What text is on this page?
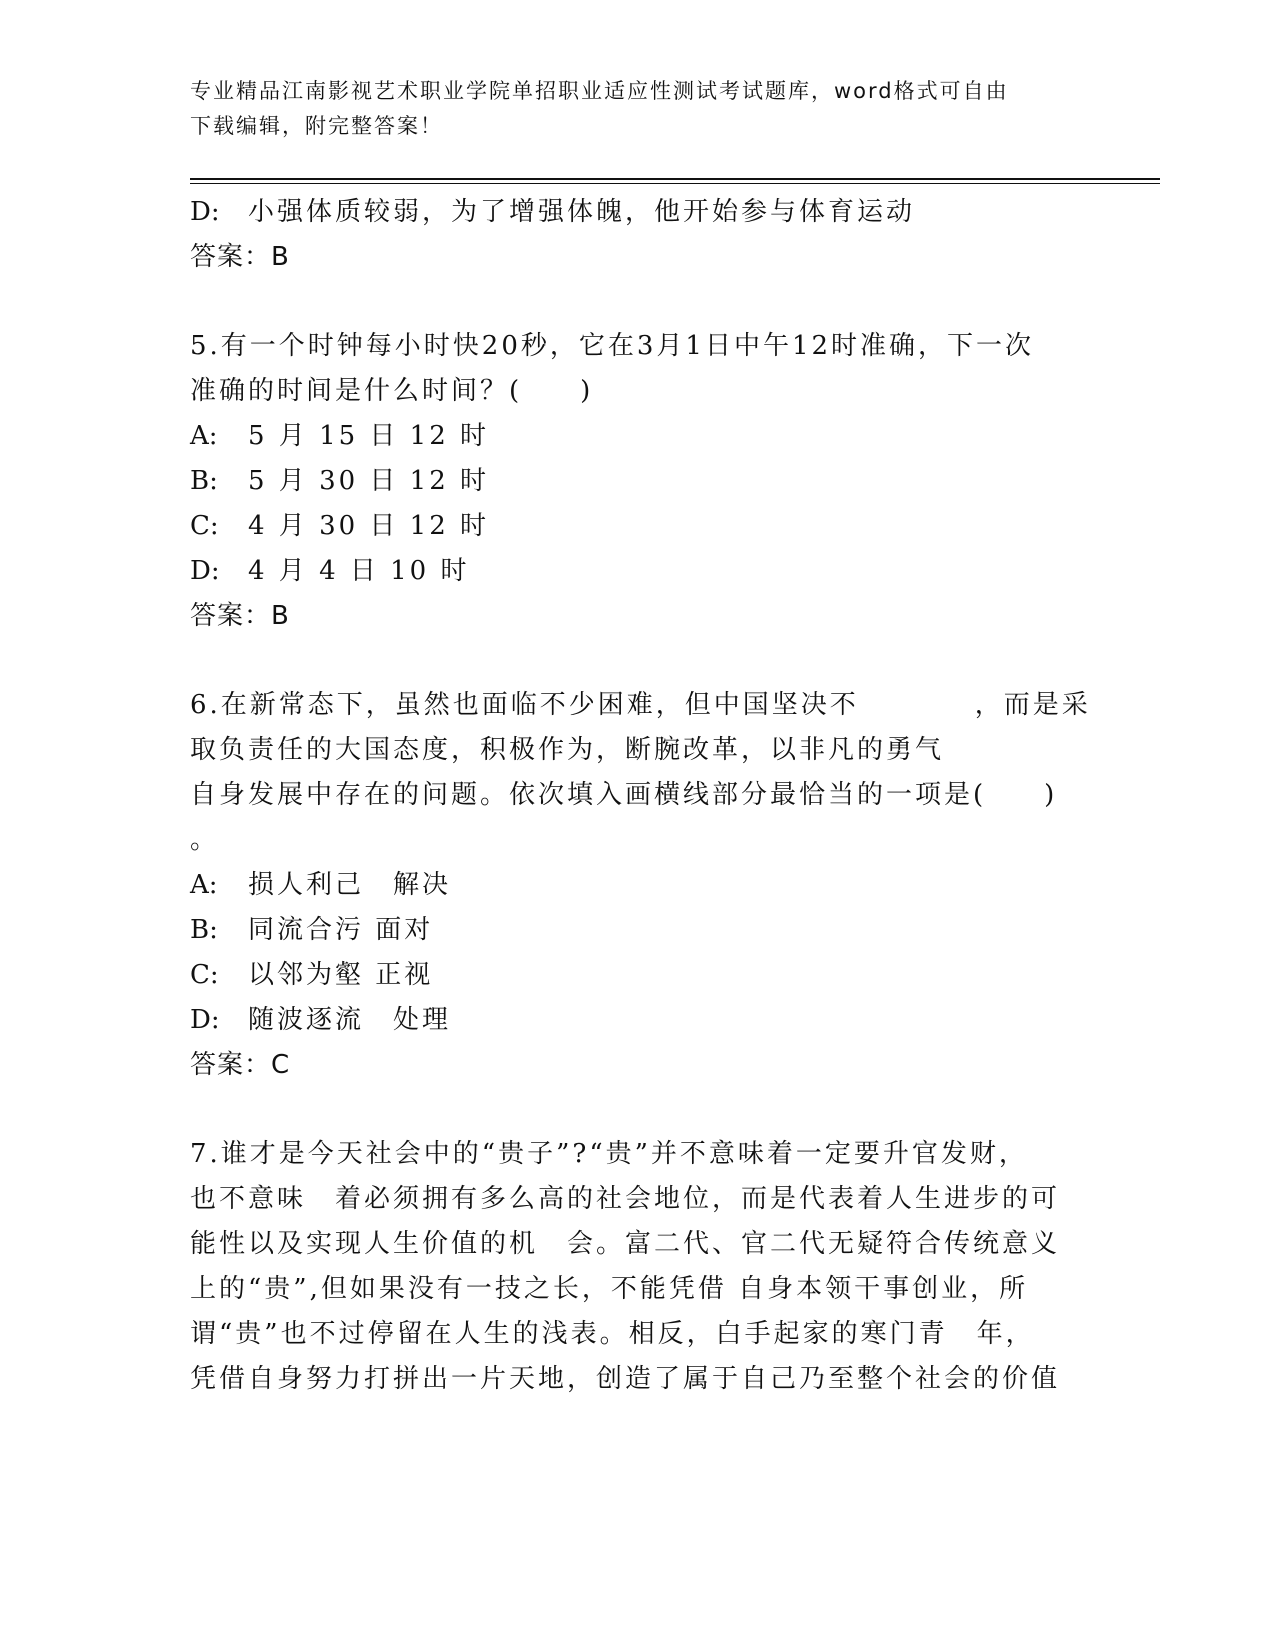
专业精品江南影视艺术职业学院单招职业适应性测试考试题库，word格式可自由
下载编辑，附完整答案！
D: 小强体质较弱，为了增强体魄，他开始参与体育运动
答案：B
5.有一个时钟每小时快20秒，它在3月1日中午12时准确，下一次
准确的时间是什么时间？(　　)
A: 5 月 15 日 12 时
B: 5 月 30 日 12 时
C: 4 月 30 日 12 时
D: 4 月 4 日 10 时
答案：B
6.在新常态下，虽然也面临不少困难，但中国坚决不　　　　，而是采
取负责任的大国态度，积极作为，断腕改革，以非凡的勇气
自身发展中存在的问题。依次填入画横线部分最恰当的一项是(　　)
。
A: 损人利己　解决
B: 同流合污 面对
C: 以邻为壑 正视
D: 随波逐流　处理
答案：C
7.谁才是今天社会中的“贵子”?“贵”并不意味着一定要升官发财，
也不意味　着必须拥有多么高的社会地位，而是代表着人生进步的可
能性以及实现人生价值的机　会。富二代、官二代无疑符合传统意义
上的“贵”,但如果没有一技之长，不能凭借 自身本领干事创业，所
谓“贵”也不过停留在人生的浅表。相反，白手起家的寒门青　年，
凭借自身努力打拼出一片天地，创造了属于自己乃至整个社会的价值
